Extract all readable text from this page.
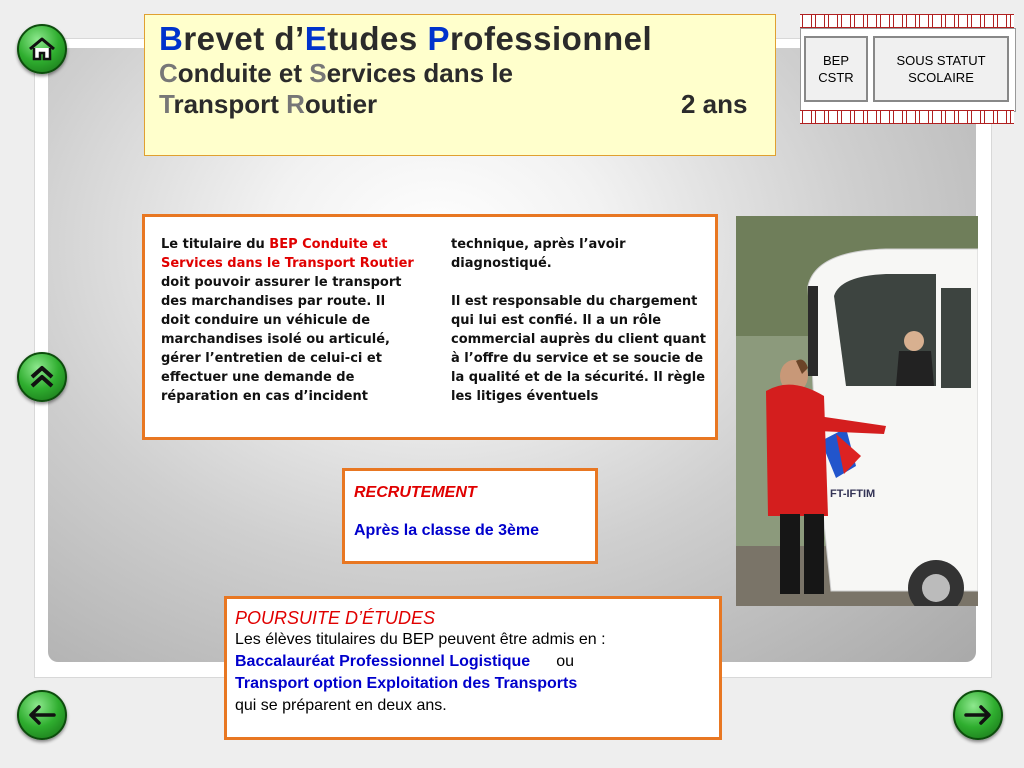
Brevet d’Etudes Professionnel
Conduite et Services dans le
Transport Routier	2 ans
BEP
CSTR
SOUS STATUT
SCOLAIRE
Le titulaire du BEP Conduite et Services dans le Transport Routier doit pouvoir assurer le transport des marchandises par route. Il doit conduire un véhicule de marchandises isolé ou articulé, gérer l’entretien de celui-ci et effectuer une demande de réparation en cas d’incident
technique, après l’avoir diagnostiqué.
Il est responsable du chargement qui lui est confié. Il a un rôle commercial auprès du client quant à l’offre du service et se soucie de la qualité et de la sécurité. Il règle les litiges éventuels
FT-IFTIM
RECRUTEMENT
Après la classe de 3ème
POURSUITE D’ÉTUDES
Les élèves titulaires du BEP peuvent être admis en :
Baccalauréat Professionnel Logistique ou
Transport option Exploitation des Transports
qui se préparent en deux ans.
